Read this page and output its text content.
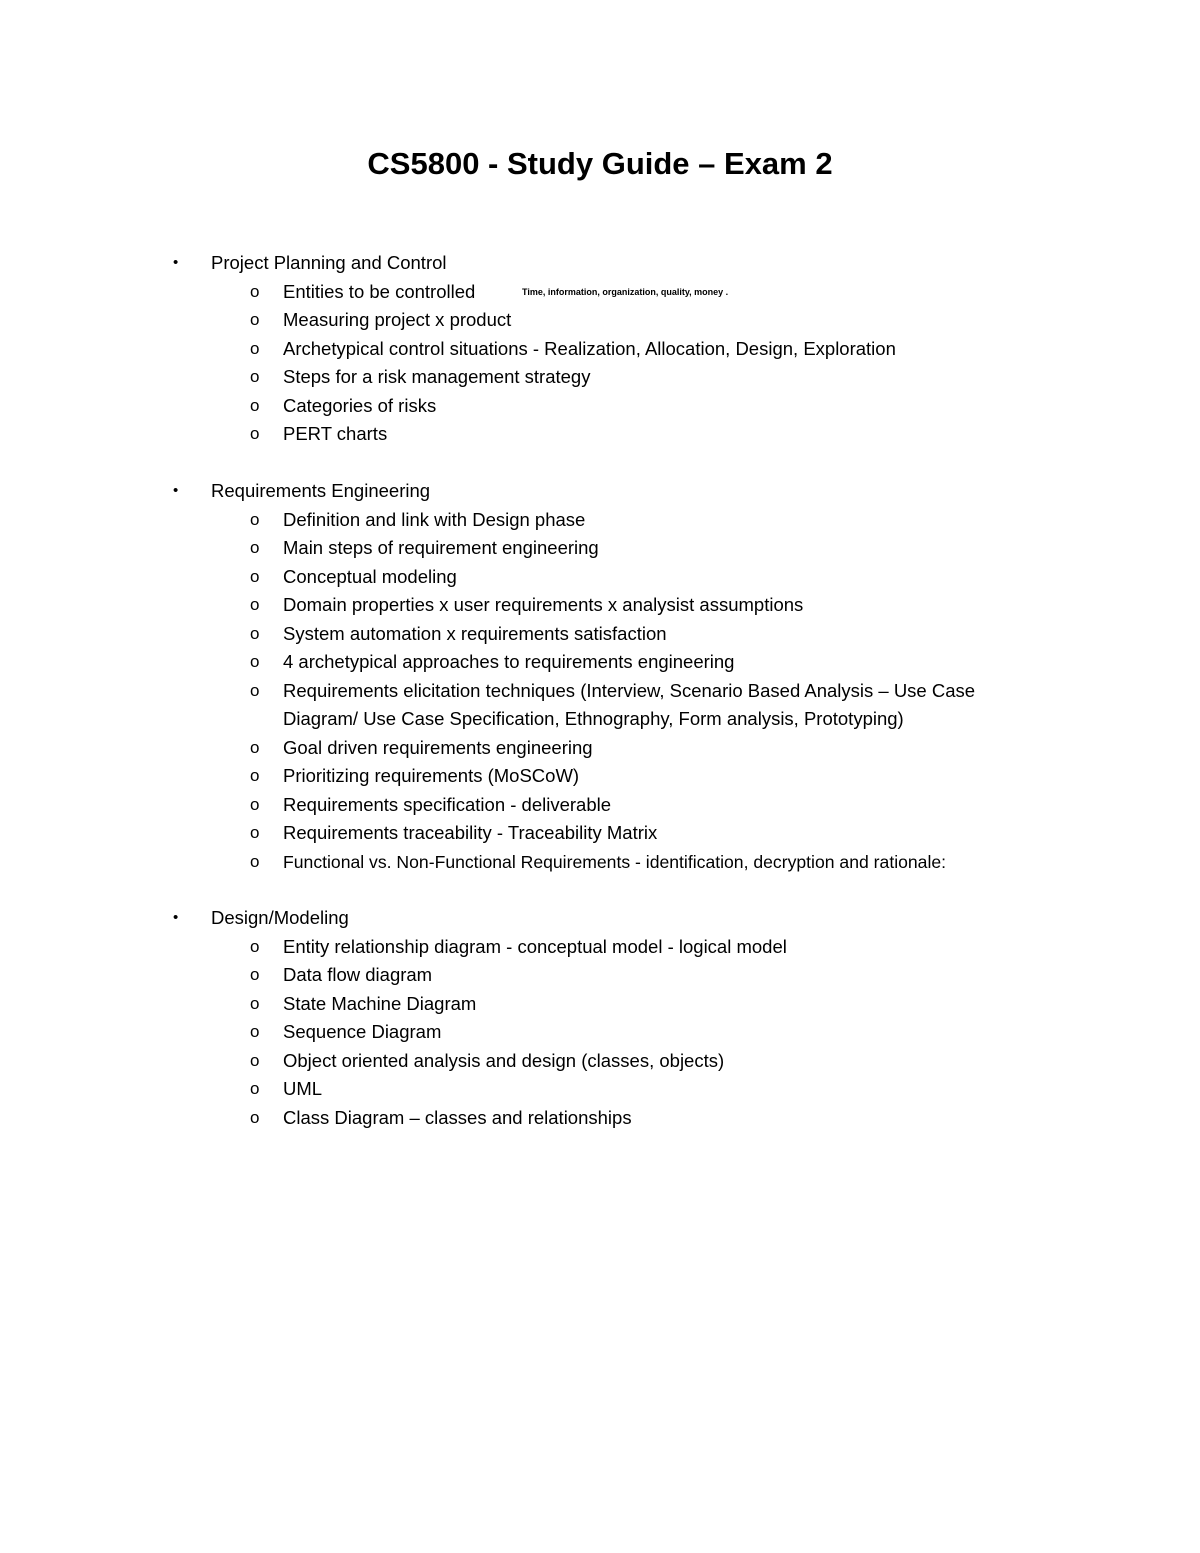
CS5800 - Study Guide – Exam 2
• Project Planning and Control
o Entities to be controlled	Time, information, organization, quality, money .
o Measuring project x product
o Archetypical control situations - Realization, Allocation, Design, Exploration
o Steps for a risk management strategy
o Categories of risks
o PERT charts
• Requirements Engineering
o Definition and link with Design phase
o Main steps of requirement engineering
o Conceptual modeling
o Domain properties x user requirements x analysist assumptions
o System automation x requirements satisfaction
o 4 archetypical approaches to requirements engineering
o Requirements elicitation techniques (Interview, Scenario Based Analysis – Use Case Diagram/ Use Case Specification, Ethnography, Form analysis, Prototyping)
o Goal driven requirements engineering
o Prioritizing requirements (MoSCoW)
o Requirements specification - deliverable
o Requirements traceability - Traceability Matrix
o Functional vs. Non-Functional Requirements - identification, decryption and rationale:
• Design/Modeling
o Entity relationship diagram - conceptual model - logical model
o Data flow diagram
o State Machine Diagram
o Sequence Diagram
o Object oriented analysis and design (classes, objects)
o UML
o Class Diagram – classes and relationships
